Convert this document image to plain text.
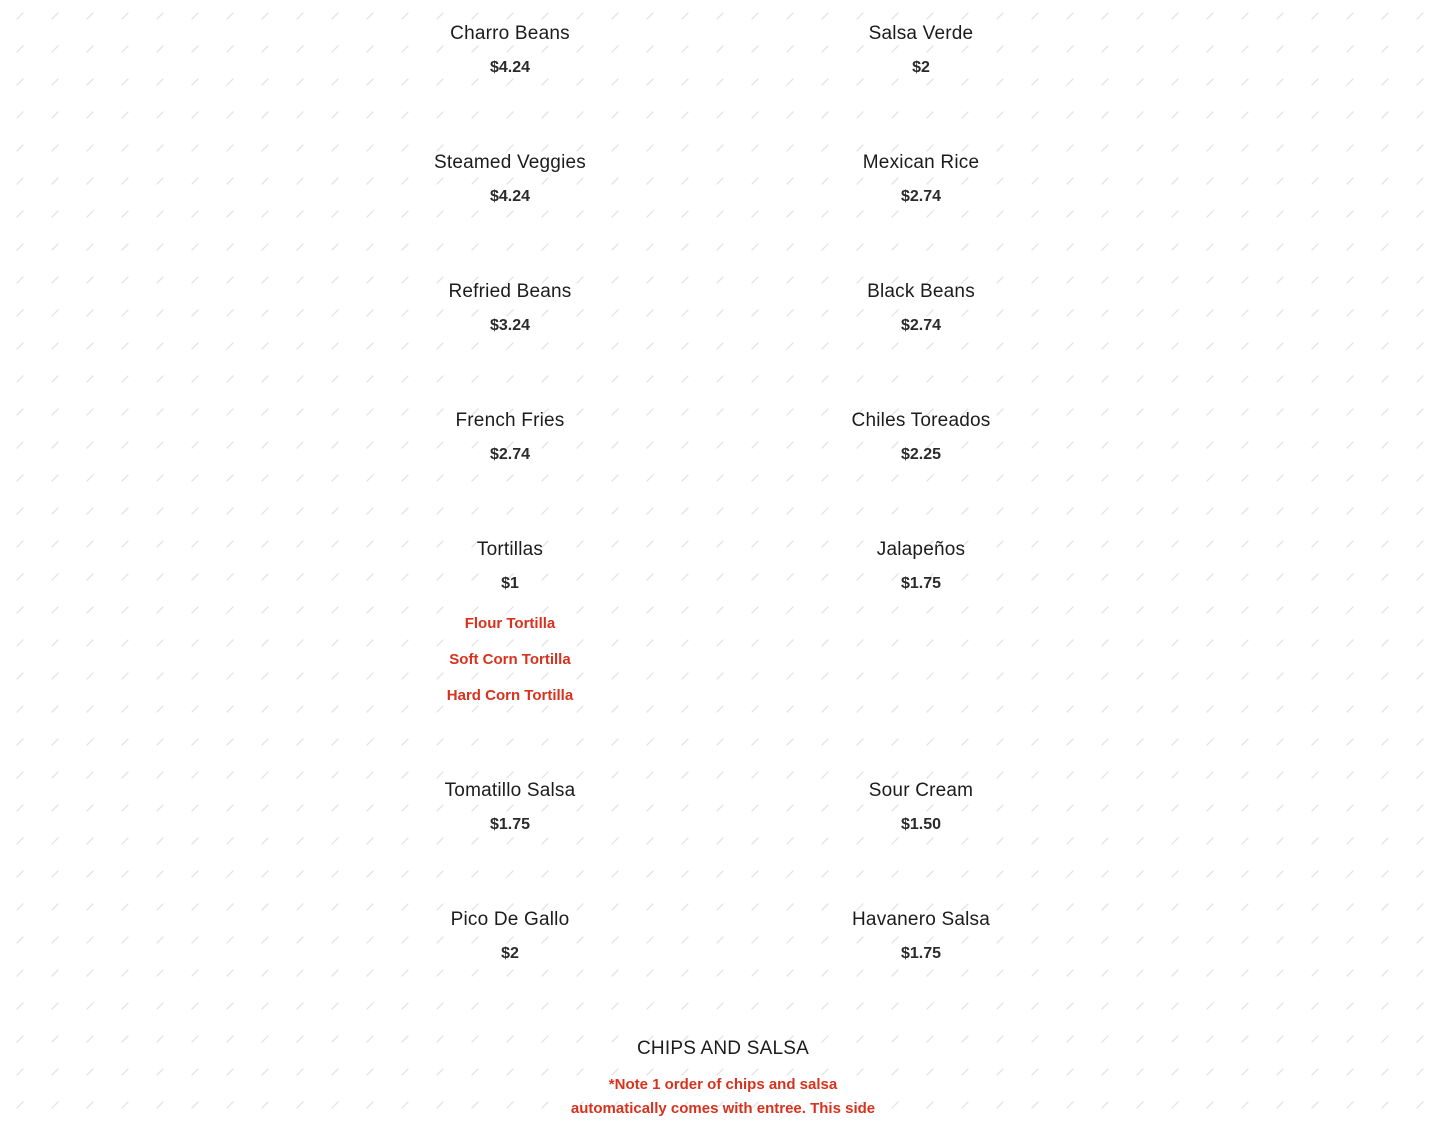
Charro Beans
$4.24
Salsa Verde
$2
Steamed Veggies
$4.24
Mexican Rice
$2.74
Refried Beans
$3.24
Black Beans
$2.74
French Fries
$2.74
Chiles Toreados
$2.25
Tortillas
$1
Flour Tortilla
Soft Corn Tortilla
Hard Corn Tortilla
Jalapeños
$1.75
Tomatillo Salsa
$1.75
Sour Cream
$1.50
Pico De Gallo
$2
Havanero Salsa
$1.75
CHIPS AND SALSA
*Note 1 order of chips and salsa automatically comes with entree. This side
